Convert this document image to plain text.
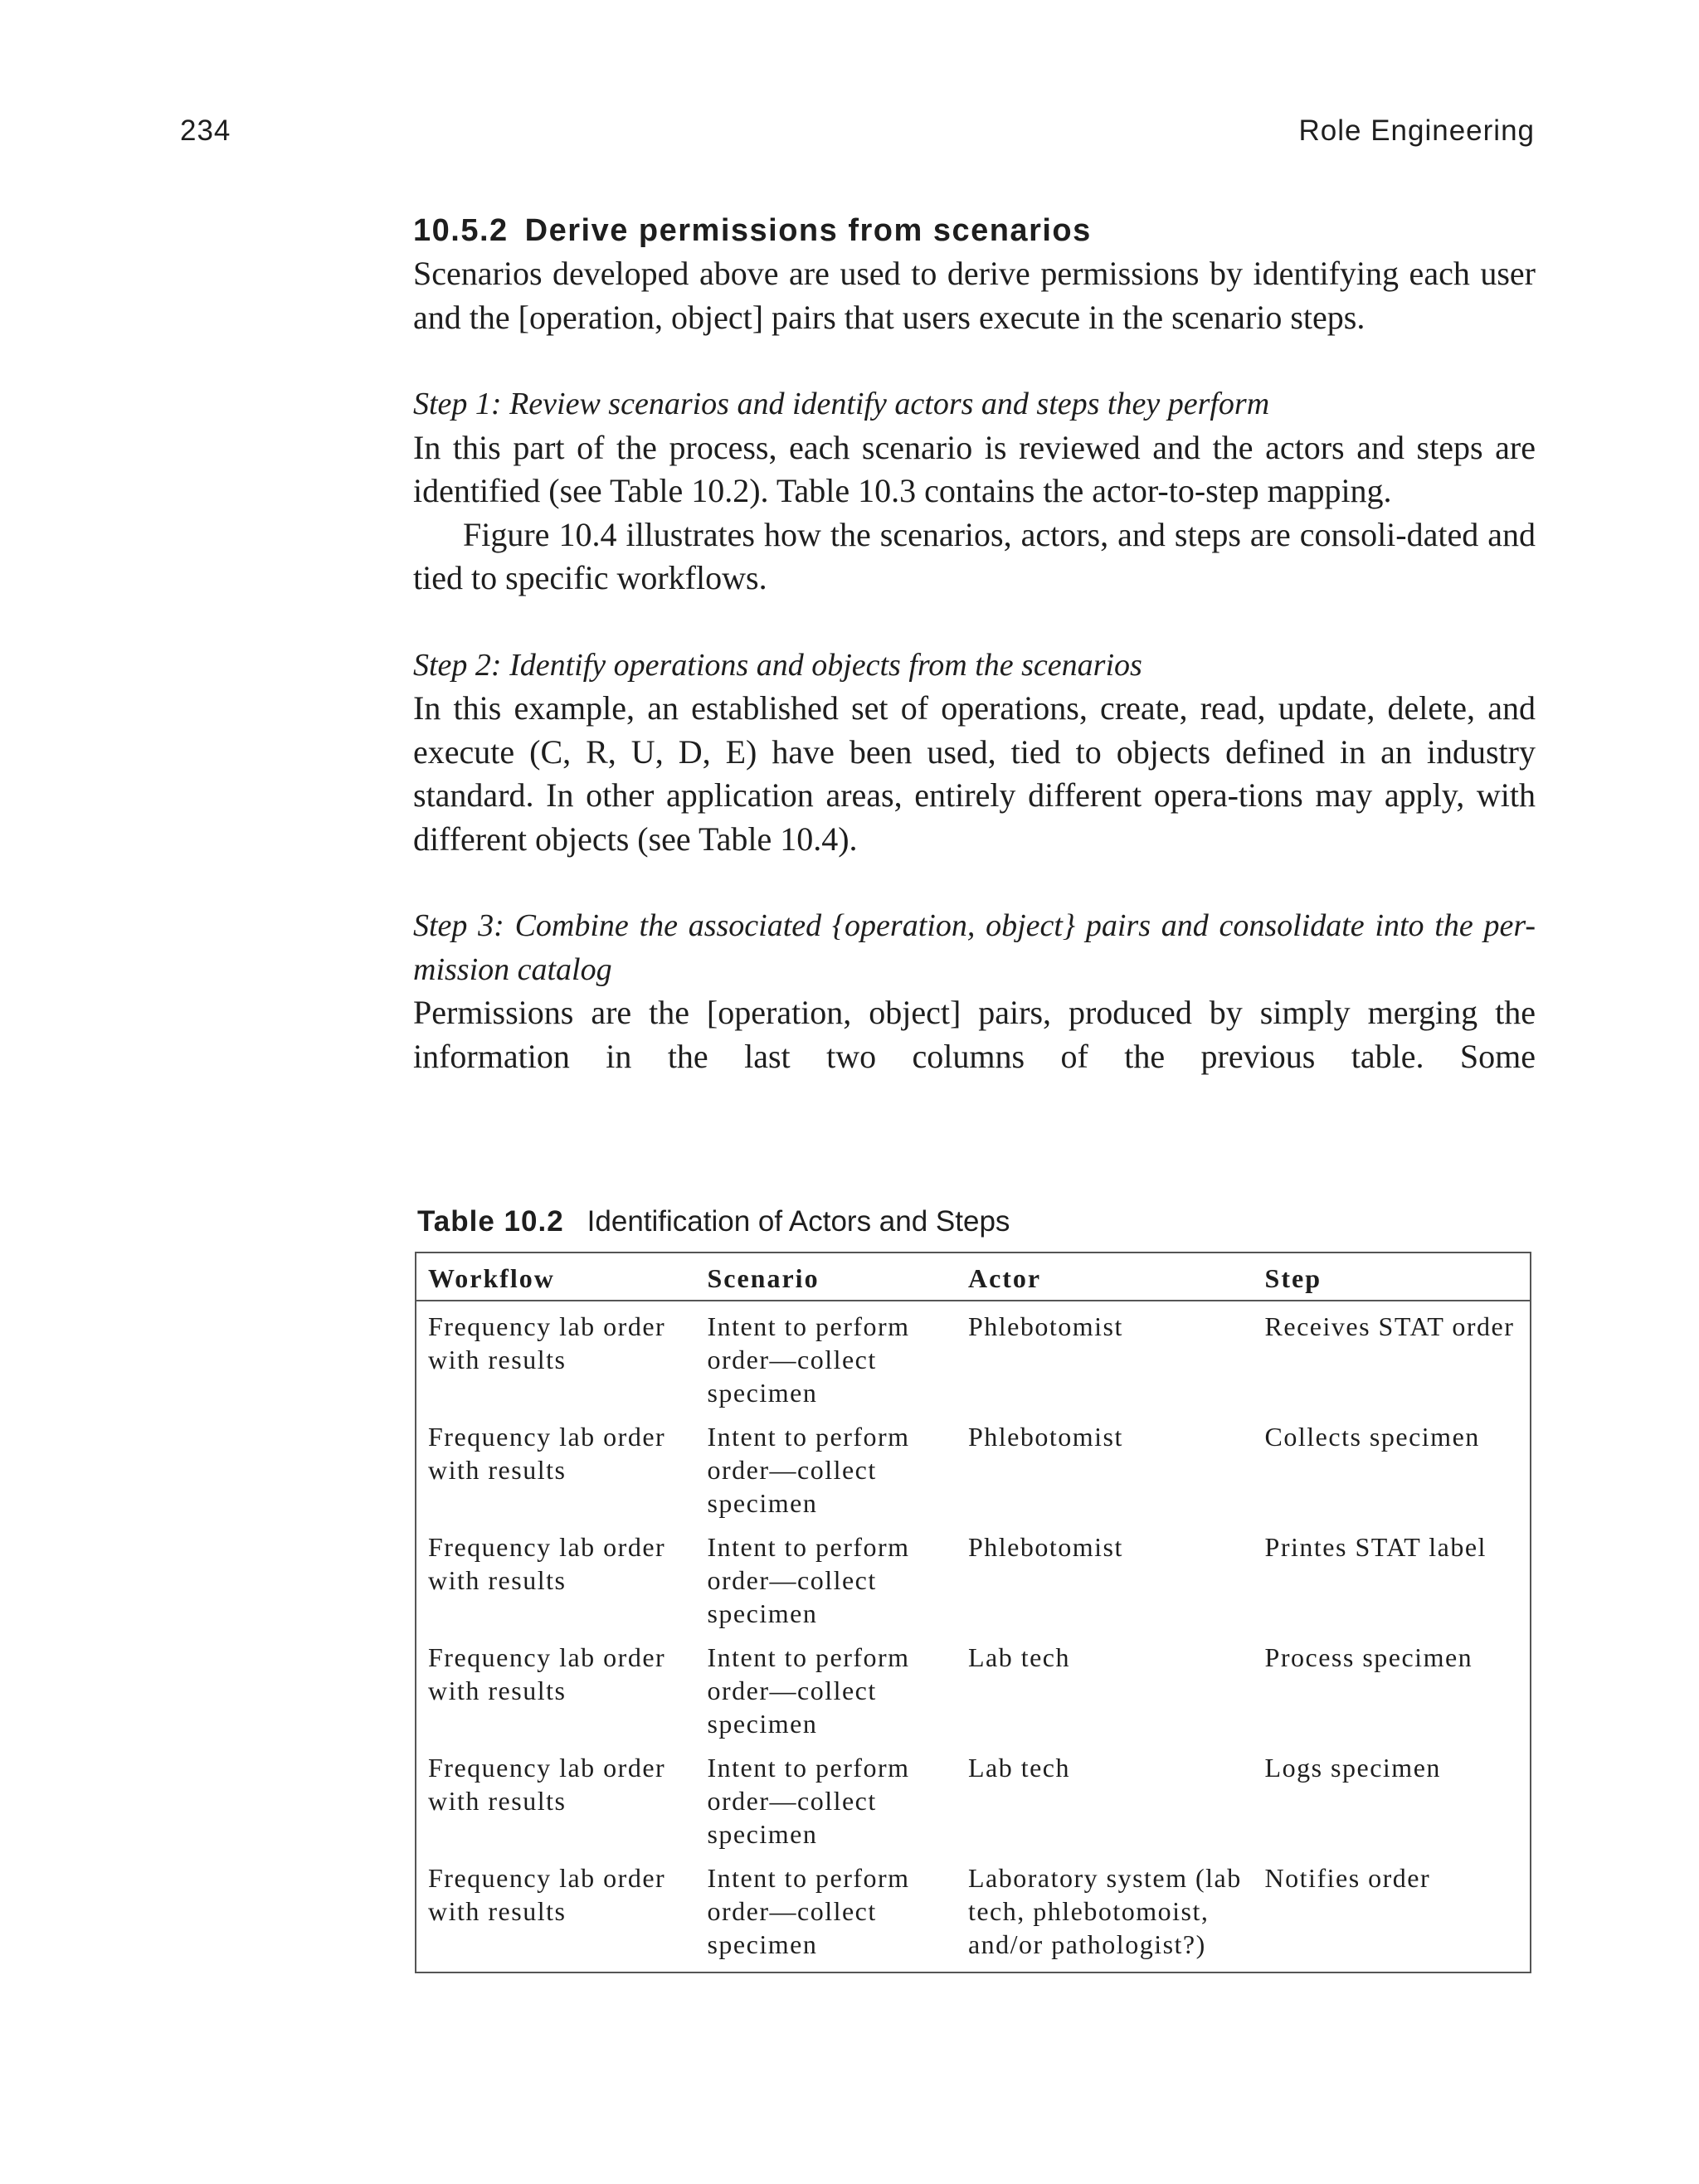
234	Role Engineering
10.5.2 Derive permissions from scenarios

Scenarios developed above are used to derive permissions by identifying each user and the [operation, object] pairs that users execute in the scenario steps.

Step 1: Review scenarios and identify actors and steps they perform

In this part of the process, each scenario is reviewed and the actors and steps are identified (see Table 10.2). Table 10.3 contains the actor-to-step mapping.

Figure 10.4 illustrates how the scenarios, actors, and steps are consoli-dated and tied to specific workflows.

Step 2: Identify operations and objects from the scenarios

In this example, an established set of operations, create, read, update, delete, and execute (C, R, U, D, E) have been used, tied to objects defined in an industry standard. In other application areas, entirely different opera-tions may apply, with different objects (see Table 10.4).

Step 3: Combine the associated {operation, object} pairs and consolidate into the per-mission catalog

Permissions are the [operation, object] pairs, produced by simply merging the information in the last two columns of the previous table. Some

Table 10.2 Identification of Actors and Steps
Workflow	Scenario	Actor	Step
Frequency lab order with results	Intent to perform order—collect specimen	Phlebotomist	Receives STAT order
Frequency lab order with results	Intent to perform order—collect specimen	Phlebotomist	Collects specimen
Frequency lab order with results	Intent to perform order—collect specimen	Phlebotomist	Printes STAT label
Frequency lab order with results	Intent to perform order—collect specimen	Lab tech	Process specimen
Frequency lab order with results	Intent to perform order—collect specimen	Lab tech	Logs specimen
Frequency lab order with results	Intent to perform order—collect specimen	Laboratory system (lab tech, phlebotomoist, and/or pathologist?)	Notifies order
